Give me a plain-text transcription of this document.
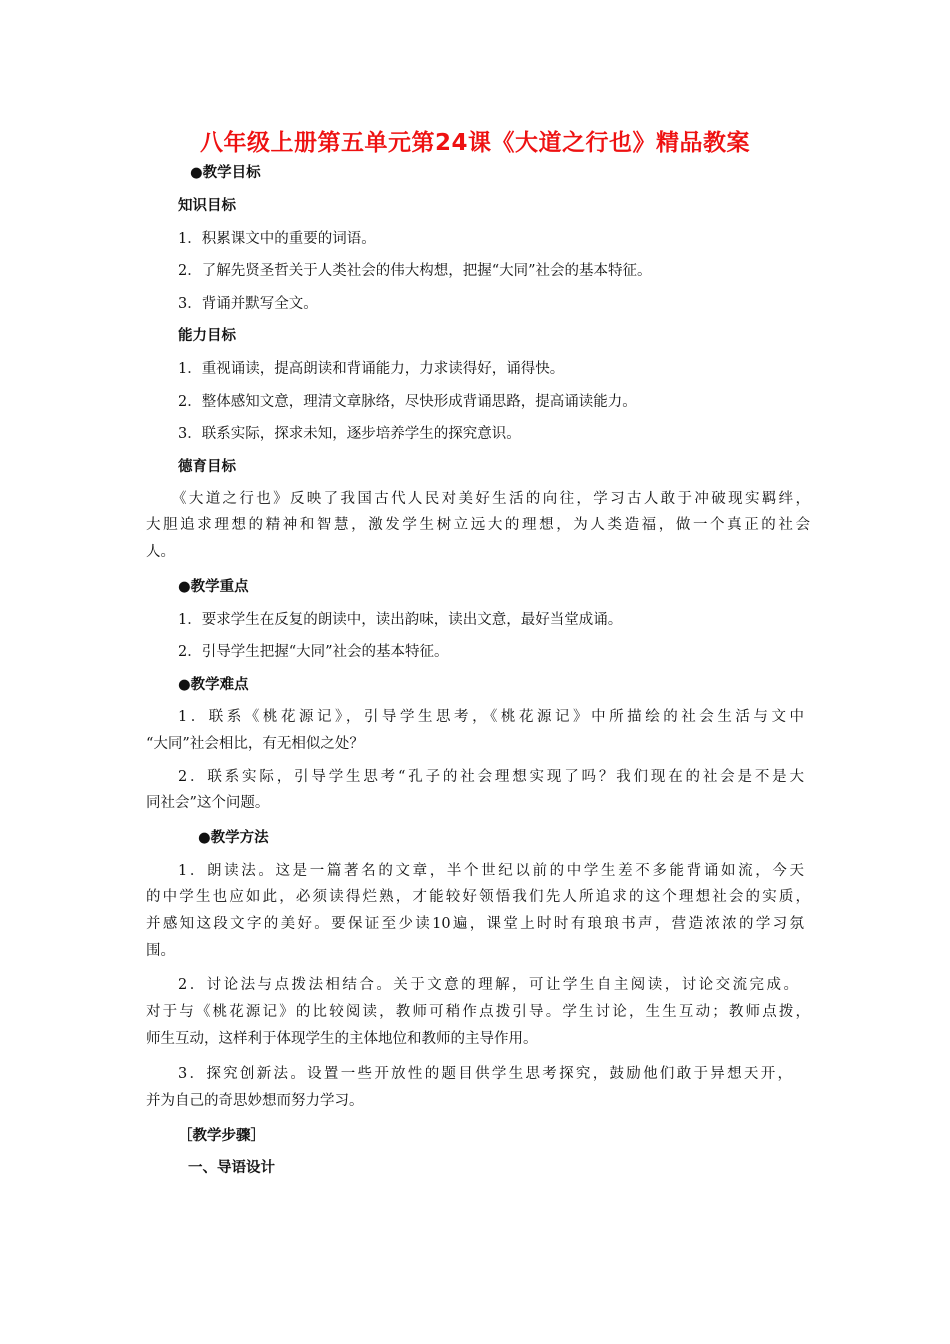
八年级上册第五单元第24课《大道之行也》精品教案
●教学目标
知识目标
1．积累课文中的重要的词语。
2．了解先贤圣哲关于人类社会的伟大构想，把握“大同”社会的基本特征。
3．背诵并默写全文。
能力目标
1．重视诵读，提高朗读和背诵能力，力求读得好，诵得快。
2．整体感知文意，理清文章脉络，尽快形成背诵思路，提高诵读能力。
3．联系实际，探求未知，逐步培养学生的探究意识。
德育目标
《大道之行也》反映了我国古代人民对美好生活的向往，学习古人敢于冲破现实羁绊，
大胆追求理想的精神和智慧，激发学生树立远大的理想，为人类造福，做一个真正的社会
人。
●教学重点
1．要求学生在反复的朗读中，读出韵味，读出文意，最好当堂成诵。
2．引导学生把握“大同”社会的基本特征。
●教学难点
1．联系《桃花源记》，引导学生思考，《桃花源记》中所描绘的社会生活与文中
“大同”社会相比，有无相似之处？
2．联系实际，引导学生思考“孔子的社会理想实现了吗？我们现在的社会是不是大
同社会”这个问题。
●教学方法
1．朗读法。这是一篇著名的文章，半个世纪以前的中学生差不多能背诵如流，今天
的中学生也应如此，必须读得烂熟，才能较好领悟我们先人所追求的这个理想社会的实质，
并感知这段文字的美好。要保证至少读10遍，课堂上时时有琅琅书声，营造浓浓的学习氛
围。
2．讨论法与点拨法相结合。关于文意的理解，可让学生自主阅读，讨论交流完成。
对于与《桃花源记》的比较阅读，教师可稍作点拨引导。学生讨论，生生互动；教师点拨，
师生互动，这样利于体现学生的主体地位和教师的主导作用。
3．探究创新法。设置一些开放性的题目供学生思考探究，鼓励他们敢于异想天开，
并为自己的奇思妙想而努力学习。
［教学步骤］
一、导语设计
